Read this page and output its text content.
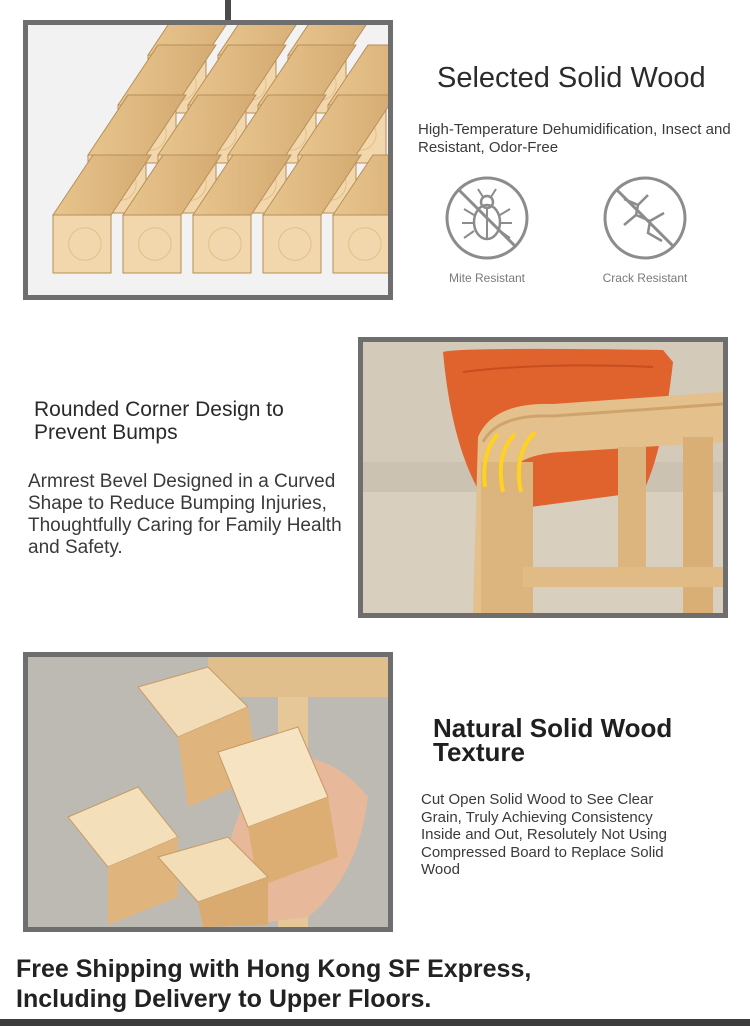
Selected Solid Wood
High-Temperature Dehumidification, Insect and Resistant, Odor-Free
Mite Resistant	Crack Resistant
Rounded Corner Design to Prevent Bumps
Armrest Bevel Designed in a Curved Shape to Reduce Bumping Injuries, Thoughtfully Caring for Family Health and Safety.
Natural Solid Wood Texture
Cut Open Solid Wood to See Clear Grain, Truly Achieving Consistency Inside and Out, Resolutely Not Using Compressed Board to Replace Solid Wood
Free Shipping with Hong Kong SF Express, Including Delivery to Upper Floors.
